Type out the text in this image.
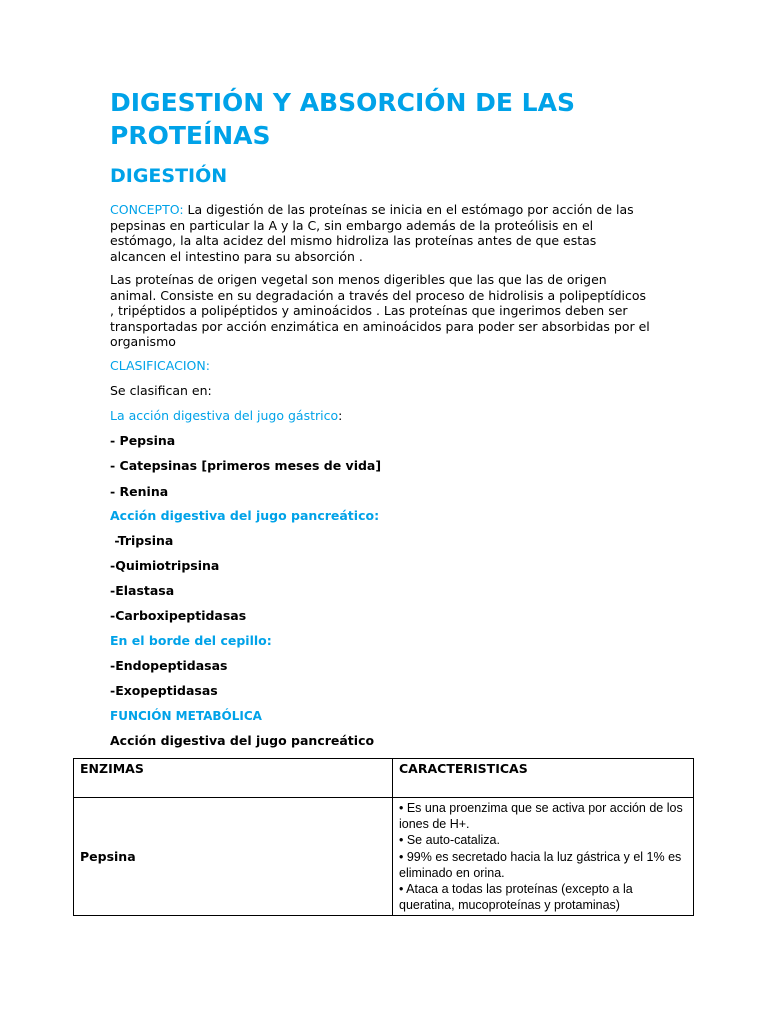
DIGESTIÓN Y ABSORCIÓN DE LAS PROTEÍNAS
DIGESTIÓN

CONCEPTO: La digestión de las proteínas se inicia en el estómago por acción de las pepsinas en particular la A y la C, sin embargo además de la proteólisis en el estómago, la alta acidez del mismo hidroliza las proteínas antes de que estas alcancen el intestino para su absorción .

Las proteínas de origen vegetal son menos digeribles que las que las de origen animal. Consiste en su degradación a través del proceso de hidrolisis a polipeptídicos , tripéptidos a polipéptidos y aminoácidos . Las proteínas que ingerimos deben ser transportadas por acción enzimática en aminoácidos para poder ser absorbidas por el organismo

CLASIFICACION:

Se clasifican en:

La acción digestiva del jugo gástrico:

- Pepsina

- Catepsinas [primeros meses de vida]

- Renina

Acción digestiva del jugo pancreático:

-Tripsina

-Quimiotripsina

-Elastasa

-Carboxipeptidasas

En el borde del cepillo:

-Endopeptidasas

-Exopeptidasas

FUNCIÓN METABÓLICA

Acción digestiva del jugo pancreático

ENZIMAS	CARACTERISTICAS
Pepsina	• Es una proenzima que se activa por acción de los iones de H+.
• Se auto-cataliza.
• 99% es secretado hacia la luz gástrica y el 1% es eliminado en orina.
• Ataca a todas las proteínas (excepto a la queratina, mucoproteínas y protaminas)
